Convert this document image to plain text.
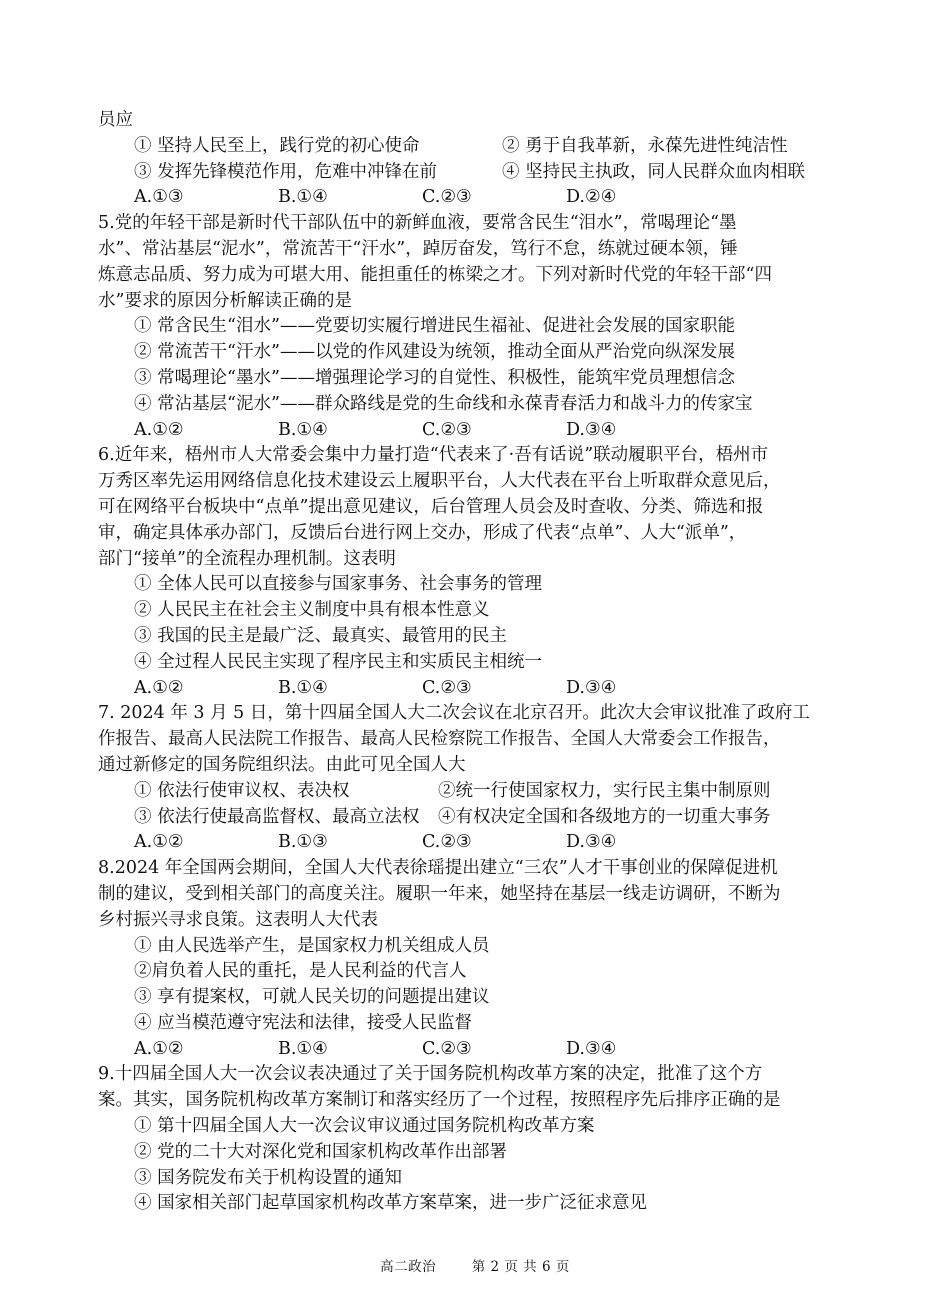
员应
① 坚持人民至上，践行党的初心使命	② 勇于自我革新，永葆先进性纯洁性
③ 发挥先锋模范作用，危难中冲锋在前	④ 坚持民主执政，同人民群众血肉相联
A.①③	B.①④	C.②③	D.②④
5.党的年轻干部是新时代干部队伍中的新鲜血液，要常含民生“泪水”，常喝理论“墨
水”、常沾基层“泥水”，常流苦干“汗水”，踔厉奋发，笃行不怠，练就过硬本领，锤
炼意志品质、努力成为可堪大用、能担重任的栋梁之才。下列对新时代党的年轻干部“四
水”要求的原因分析解读正确的是
① 常含民生“泪水”——党要切实履行增进民生福祉、促进社会发展的国家职能
② 常流苦干“汗水”——以党的作风建设为统领，推动全面从严治党向纵深发展
③ 常喝理论“墨水”——增强理论学习的自觉性、积极性，能筑牢党员理想信念
④ 常沾基层“泥水”——群众路线是党的生命线和永葆青春活力和战斗力的传家宝
A.①②	B.①④	C.②③	D.③④
6.近年来，梧州市人大常委会集中力量打造“代表来了·吾有话说”联动履职平台，梧州市
万秀区率先运用网络信息化技术建设云上履职平台，人大代表在平台上听取群众意见后，
可在网络平台板块中“点单”提出意见建议，后台管理人员会及时查收、分类、筛选和报
审，确定具体承办部门，反馈后台进行网上交办，形成了代表“点单”、人大“派单”，
部门“接单”的全流程办理机制。这表明
① 全体人民可以直接参与国家事务、社会事务的管理
② 人民民主在社会主义制度中具有根本性意义
③ 我国的民主是最广泛、最真实、最管用的民主
④ 全过程人民民主实现了程序民主和实质民主相统一
A.①②	B.①④	C.②③	D.③④
7. 2024 年 3 月 5 日，第十四届全国人大二次会议在北京召开。此次大会审议批准了政府工
作报告、最高人民法院工作报告、最高人民检察院工作报告、全国人大常委会工作报告，
通过新修定的国务院组织法。由此可见全国人大
① 依法行使审议权、表决权	②统一行使国家权力，实行民主集中制原则
③ 依法行使最高监督权、最高立法权	④有权决定全国和各级地方的一切重大事务
A.①②	B.①③	C.②③	D.③④
8.2024 年全国两会期间，全国人大代表徐瑶提出建立“三农”人才干事创业的保障促进机
制的建议，受到相关部门的高度关注。履职一年来，她坚持在基层一线走访调研，不断为
乡村振兴寻求良策。这表明人大代表
① 由人民选举产生，是国家权力机关组成人员
②肩负着人民的重托，是人民利益的代言人
③ 享有提案权，可就人民关切的问题提出建议
④ 应当模范遵守宪法和法律，接受人民监督
A.①②	B.①④	C.②③	D.③④
9.十四届全国人大一次会议表决通过了关于国务院机构改革方案的决定，批准了这个方
案。其实，国务院机构改革方案制订和落实经历了一个过程，按照程序先后排序正确的是
① 第十四届全国人大一次会议审议通过国务院机构改革方案
② 党的二十大对深化党和国家机构改革作出部署
③ 国务院发布关于机构设置的通知
④ 国家相关部门起草国家机构改革方案草案，进一步广泛征求意见
高二政治	第 2 页 共 6 页
